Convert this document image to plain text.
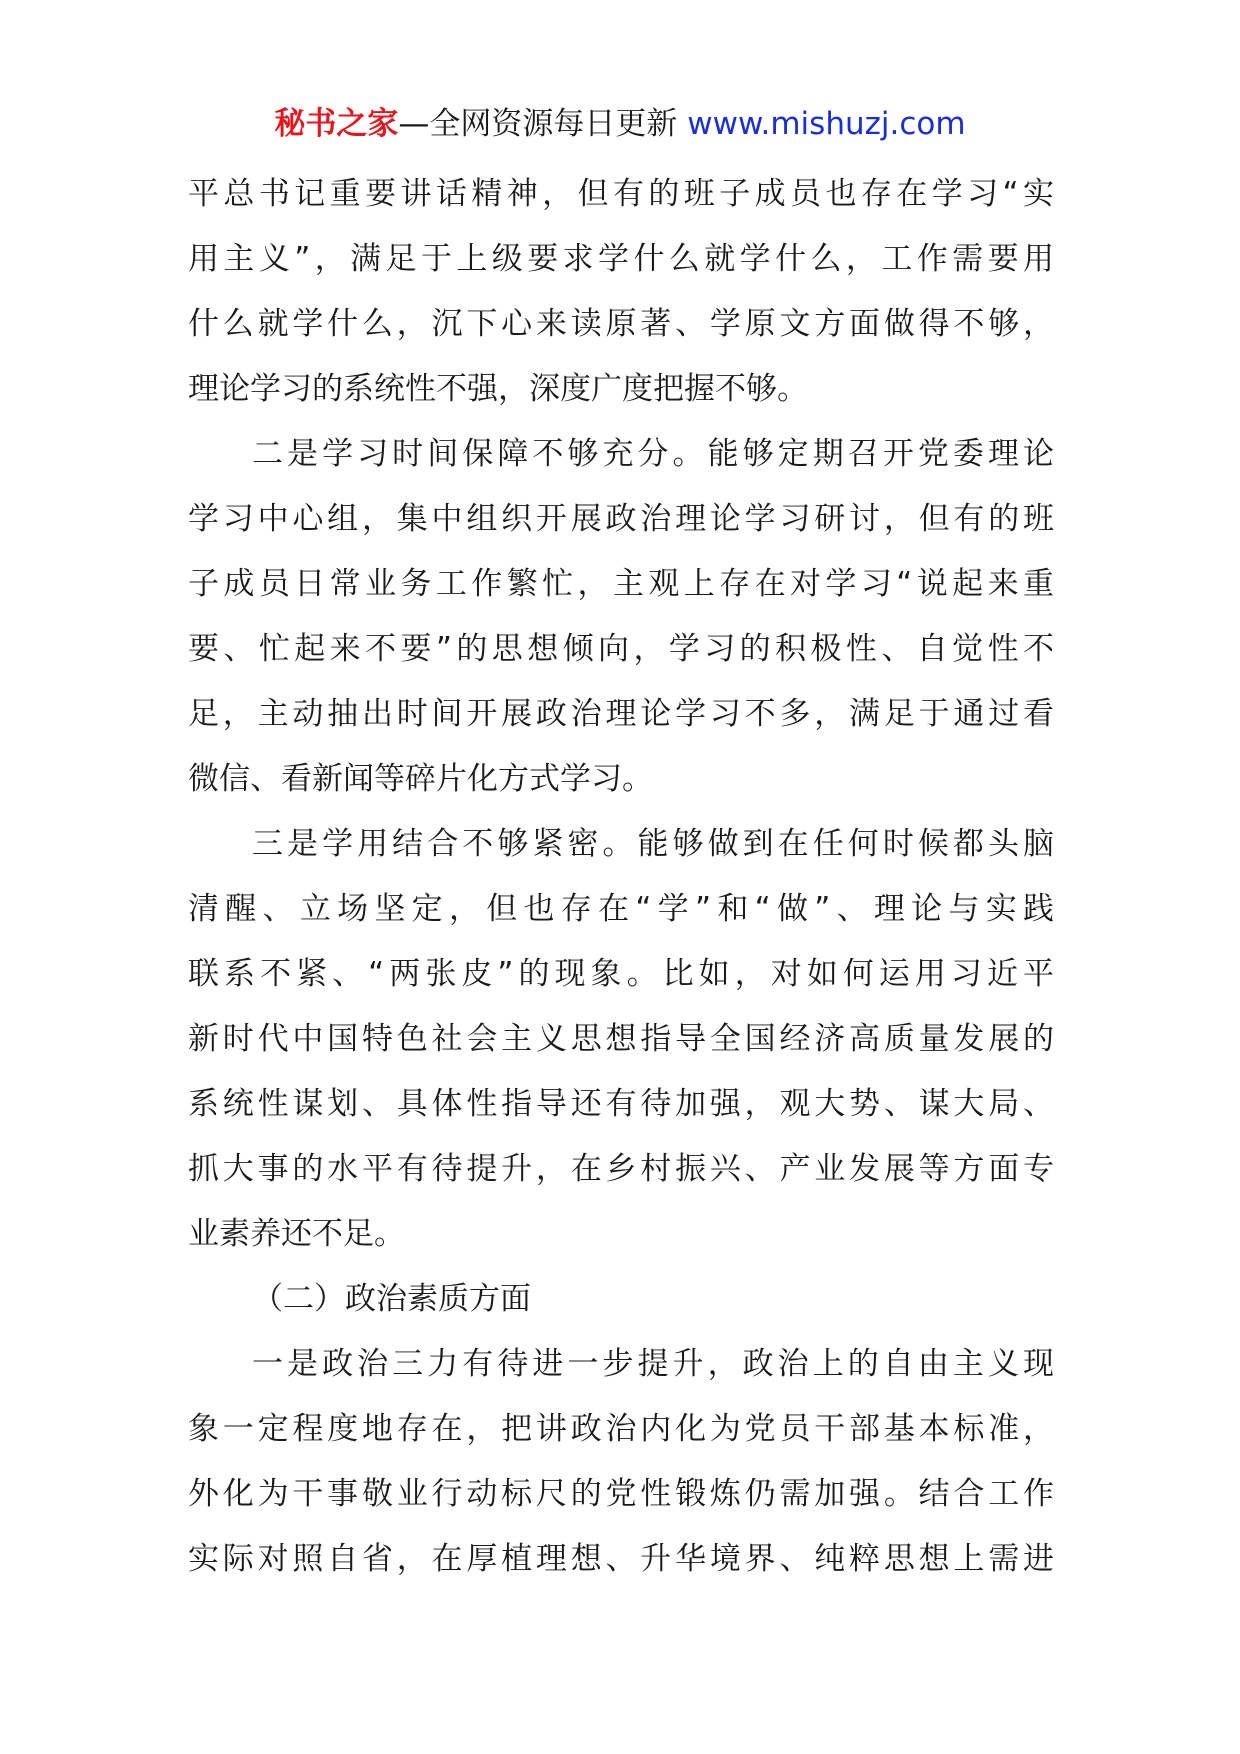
秘书之家—全网资源每日更新 www.mishuzj.com
平总书记重要讲话精神，但有的班子成员也存在学习“实
用主义”，满足于上级要求学什么就学什么，工作需要用
什么就学什么，沉下心来读原著、学原文方面做得不够，
理论学习的系统性不强，深度广度把握不够。
二是学习时间保障不够充分。能够定期召开党委理论
学习中心组，集中组织开展政治理论学习研讨，但有的班
子成员日常业务工作繁忙，主观上存在对学习“说起来重
要、忙起来不要”的思想倾向，学习的积极性、自觉性不
足，主动抽出时间开展政治理论学习不多，满足于通过看
微信、看新闻等碎片化方式学习。
三是学用结合不够紧密。能够做到在任何时候都头脑
清醒、立场坚定，但也存在“学”和“做”、理论与实践
联系不紧、“两张皮”的现象。比如，对如何运用习近平
新时代中国特色社会主义思想指导全国经济高质量发展的
系统性谋划、具体性指导还有待加强，观大势、谋大局、
抓大事的水平有待提升，在乡村振兴、产业发展等方面专
业素养还不足。
（二）政治素质方面
一是政治三力有待进一步提升，政治上的自由主义现
象一定程度地存在，把讲政治内化为党员干部基本标准，
外化为干事敬业行动标尺的党性锻炼仍需加强。结合工作
实际对照自省，在厚植理想、升华境界、纯粹思想上需进
